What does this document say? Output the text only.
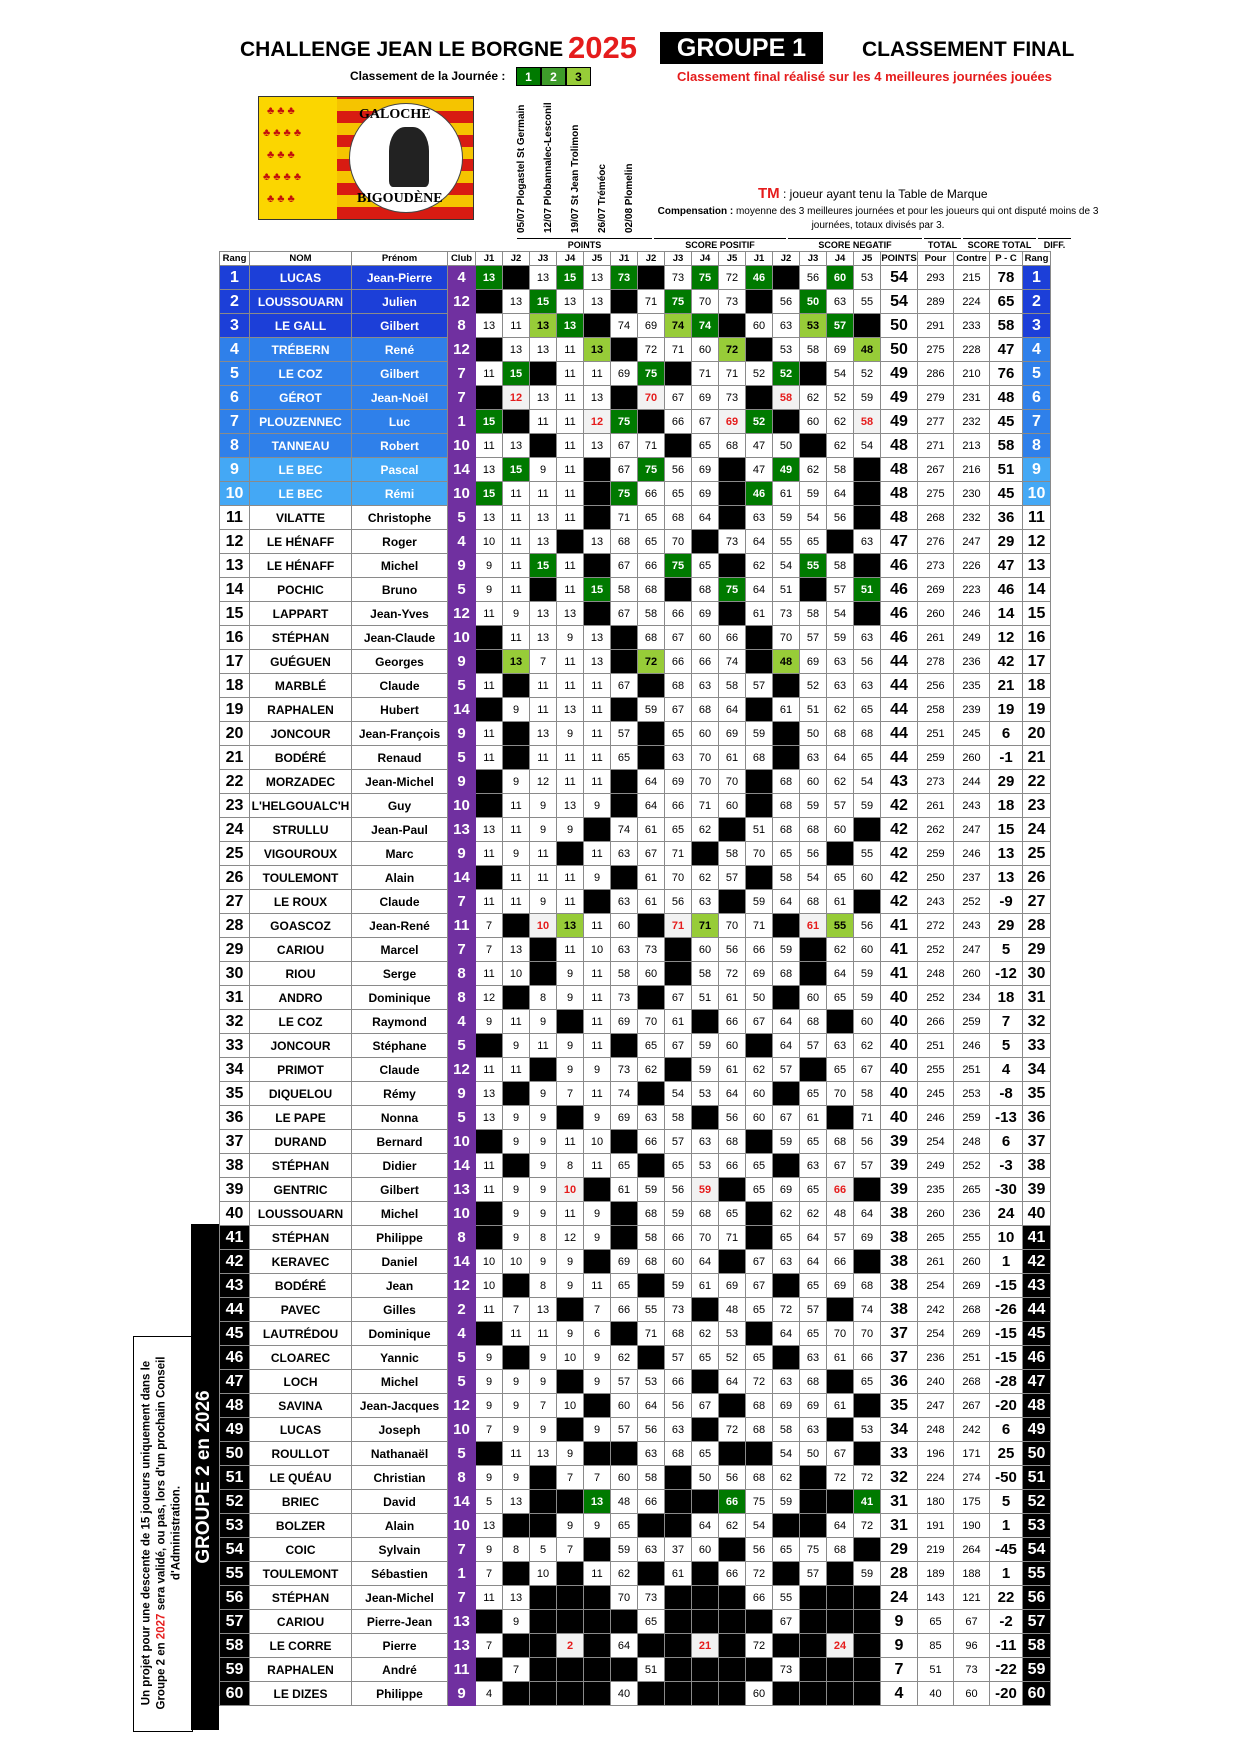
CHALLENGE JEAN LE BORGNE 2025	GROUPE 1	CLASSEMENT FINAL
Classement de la Journée :	1	2	3	Classement final réalisé sur les 4 meilleures journées jouées
♣ ♣ ♣
♣ ♣ ♣ ♣
♣ ♣ ♣
♣ ♣ ♣ ♣
♣ ♣ ♣
GALOCHE
BIGOUDÈNE	05/07 Plogastel St Germain 12/07 Plobannalec-Lesconil 19/07 St Jean Trolimon 26/07 Tréméoc 02/08 Plomelin	TM : joueur ayant tenu la Table de Marque
Compensation : moyenne des 3 meilleures journées et pour les joueurs qui ont disputé moins de 3 journées, totaux divisés par 3.
POINTS	SCORE POSITIF	SCORE NEGATIF	TOTAL	SCORE TOTAL	DIFF.
Rang	NOM	Prénom	Club	J1	J2	J3	J4	J5	J1	J2	J3	J4	J5	J1	J2	J3	J4	J5	POINTS	Pour	Contre	P - C	Rang
1	LUCAS	Jean-Pierre	4	13		13	15	13	73		73	75	72	46		56	60	53	54	293	215	78	1
2	LOUSSOUARN	Julien	12		13	15	13	13		71	75	70	73		56	50	63	55	54	289	224	65	2
3	LE GALL	Gilbert	8	13	11	13	13		74	69	74	74		60	63	53	57		50	291	233	58	3
4	TRÉBERN	René	12		13	13	11	13		72	71	60	72		53	58	69	48	50	275	228	47	4
5	LE COZ	Gilbert	7	11	15		11	11	69	75		71	71	52	52		54	52	49	286	210	76	5
6	GÉROT	Jean-Noël	7		12	13	11	13		70	67	69	73		58	62	52	59	49	279	231	48	6
7	PLOUZENNEC	Luc	1	15		11	11	12	75		66	67	69	52		60	62	58	49	277	232	45	7
8	TANNEAU	Robert	10	11	13		11	13	67	71		65	68	47	50		62	54	48	271	213	58	8
9	LE BEC	Pascal	14	13	15	9	11		67	75	56	69		47	49	62	58		48	267	216	51	9
10	LE BEC	Rémi	10	15	11	11	11		75	66	65	69		46	61	59	64		48	275	230	45	10
11	VILATTE	Christophe	5	13	11	13	11		71	65	68	64		63	59	54	56		48	268	232	36	11
12	LE HÉNAFF	Roger	4	10	11	13		13	68	65	70		73	64	55	65		63	47	276	247	29	12
13	LE HÉNAFF	Michel	9	9	11	15	11		67	66	75	65		62	54	55	58		46	273	226	47	13
14	POCHIC	Bruno	5	9	11		11	15	58	68		68	75	64	51		57	51	46	269	223	46	14
15	LAPPART	Jean-Yves	12	11	9	13	13		67	58	66	69		61	73	58	54		46	260	246	14	15
16	STÉPHAN	Jean-Claude	10		11	13	9	13		68	67	60	66		70	57	59	63	46	261	249	12	16
17	GUÉGUEN	Georges	9		13	7	11	13		72	66	66	74		48	69	63	56	44	278	236	42	17
18	MARBLÉ	Claude	5	11		11	11	11	67		68	63	58	57		52	63	63	44	256	235	21	18
19	RAPHALEN	Hubert	14		9	11	13	11		59	67	68	64		61	51	62	65	44	258	239	19	19
20	JONCOUR	Jean-François	9	11		13	9	11	57		65	60	69	59		50	68	68	44	251	245	6	20
21	BODÉRÉ	Renaud	5	11		11	11	11	65		63	70	61	68		63	64	65	44	259	260	-1	21
22	MORZADEC	Jean-Michel	9		9	12	11	11		64	69	70	70		68	60	62	54	43	273	244	29	22
23	L'HELGOUALC'H	Guy	10		11	9	13	9		64	66	71	60		68	59	57	59	42	261	243	18	23
24	STRULLU	Jean-Paul	13	13	11	9	9		74	61	65	62		51	68	68	60		42	262	247	15	24
25	VIGOUROUX	Marc	9	11	9	11		11	63	67	71		58	70	65	56		55	42	259	246	13	25
26	TOULEMONT	Alain	14		11	11	11	9		61	70	62	57		58	54	65	60	42	250	237	13	26
27	LE ROUX	Claude	7	11	11	9	11		63	61	56	63		59	64	68	61		42	243	252	-9	27
28	GOASCOZ	Jean-René	11	7		10	13	11	60		71	71	70	71		61	55	56	41	272	243	29	28
29	CARIOU	Marcel	7	7	13		11	10	63	73		60	56	66	59		62	60	41	252	247	5	29
30	RIOU	Serge	8	11	10		9	11	58	60		58	72	69	68		64	59	41	248	260	-12	30
31	ANDRO	Dominique	8	12		8	9	11	73		67	51	61	50		60	65	59	40	252	234	18	31
32	LE COZ	Raymond	4	9	11	9		11	69	70	61		66	67	64	68		60	40	266	259	7	32
33	JONCOUR	Stéphane	5		9	11	9	11		65	67	59	60		64	57	63	62	40	251	246	5	33
34	PRIMOT	Claude	12	11	11		9	9	73	62		59	61	62	57		65	67	40	255	251	4	34
35	DIQUELOU	Rémy	9	13		9	7	11	74		54	53	64	60		65	70	58	40	245	253	-8	35
36	LE PAPE	Nonna	5	13	9	9		9	69	63	58		56	60	67	61		71	40	246	259	-13	36
37	DURAND	Bernard	10		9	9	11	10		66	57	63	68		59	65	68	56	39	254	248	6	37
38	STÉPHAN	Didier	14	11		9	8	11	65		65	53	66	65		63	67	57	39	249	252	-3	38
39	GENTRIC	Gilbert	13	11	9	9	10		61	59	56	59		65	69	65	66		39	235	265	-30	39
40	LOUSSOUARN	Michel	10		9	9	11	9		68	59	68	65		62	62	48	64	38	260	236	24	40
41	STÉPHAN	Philippe	8		9	8	12	9		58	66	70	71		65	64	57	69	38	265	255	10	41
42	KERAVEC	Daniel	14	10	10	9	9		69	68	60	64		67	63	64	66		38	261	260	1	42
43	BODÉRÉ	Jean	12	10		8	9	11	65		59	61	69	67		65	69	68	38	254	269	-15	43
44	PAVEC	Gilles	2	11	7	13		7	66	55	73		48	65	72	57		74	38	242	268	-26	44
45	LAUTRÉDOU	Dominique	4		11	11	9	6		71	68	62	53		64	65	70	70	37	254	269	-15	45
46	CLOAREC	Yannic	5	9		9	10	9	62		57	65	52	65		63	61	66	37	236	251	-15	46
47	LOCH	Michel	5	9	9	9		9	57	53	66		64	72	63	68		65	36	240	268	-28	47
48	SAVINA	Jean-Jacques	12	9	9	7	10		60	64	56	67		68	69	69	61		35	247	267	-20	48
49	LUCAS	Joseph	10	7	9	9		9	57	56	63		72	68	58	63		53	34	248	242	6	49
50	ROULLOT	Nathanaël	5		11	13	9			63	68	65			54	50	67		33	196	171	25	50
51	LE QUÉAU	Christian	8	9	9		7	7	60	58		50	56	68	62		72	72	32	224	274	-50	51
52	BRIEC	David	14	5	13			13	48	66			66	75	59			41	31	180	175	5	52
53	BOLZER	Alain	10	13			9	9	65			64	62	54			64	72	31	191	190	1	53
54	COIC	Sylvain	7	9	8	5	7		59	63	37	60		56	65	75	68		29	219	264	-45	54
55	TOULEMONT	Sébastien	1	7		10		11	62		61		66	72		57		59	28	189	188	1	55
56	STÉPHAN	Jean-Michel	7	11	13				70	73				66	55				24	143	121	22	56
57	CARIOU	Pierre-Jean	13		9					65					67				9	65	67	-2	57
58	LE CORRE	Pierre	13	7			2		64			21		72			24		9	85	96	-11	58
59	RAPHALEN	André	11		7					51					73				7	51	73	-22	59
60	LE DIZES	Philippe	9	4					40					60					4	40	60	-20	60
GROUPE 2 en 2026
Un projet pour une descente de 15 joueurs uniquement dans le Groupe 2 en 2027 sera validé, ou pas, lors d'un prochain Conseil d'Administration.
